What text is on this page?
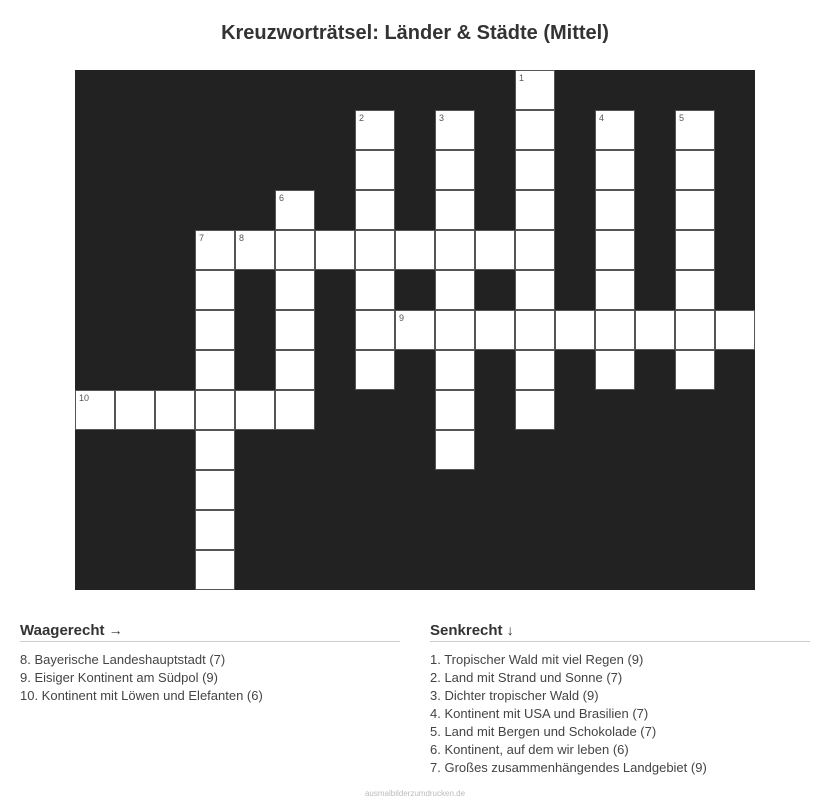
Kreuzworträtsel: Länder & Städte (Mittel)
1
2	3	4	5
6
7	8
9
10
Waagerecht →
8. Bayerische Landeshauptstadt (7)
9. Eisiger Kontinent am Südpol (9)
10. Kontinent mit Löwen und Elefanten (6)
Senkrecht ↓
1. Tropischer Wald mit viel Regen (9)
2. Land mit Strand und Sonne (7)
3. Dichter tropischer Wald (9)
4. Kontinent mit USA und Brasilien (7)
5. Land mit Bergen und Schokolade (7)
6. Kontinent, auf dem wir leben (6)
7. Großes zusammenhängendes Landgebiet (9)
ausmalbilderzumdrucken.de
